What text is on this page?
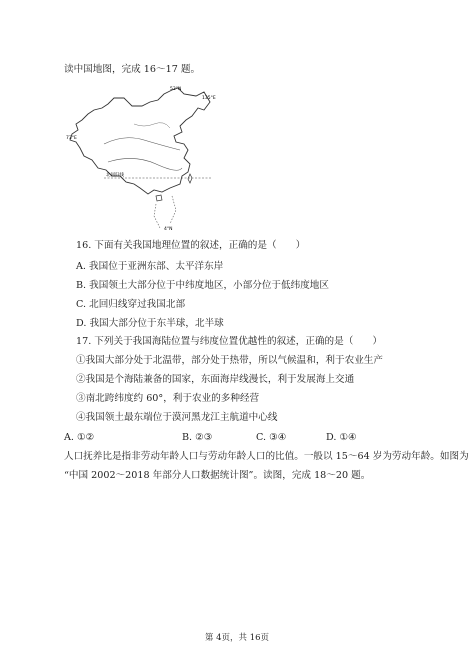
读中国地图，完成 16～17 题。
53°N
135°E
73°E
北回归线
4°N
16. 下面有关我国地理位置的叙述，正确的是（　　）
A. 我国位于亚洲东部、太平洋东岸
B. 我国领土大部分位于中纬度地区，小部分位于低纬度地区
C. 北回归线穿过我国北部
D. 我国大部分位于东半球，北半球
17. 下列关于我国海陆位置与纬度位置优越性的叙述，正确的是（　　）
①我国大部分处于北温带，部分处于热带，所以气候温和，利于农业生产
②我国是个海陆兼备的国家，东面海岸线漫长，利于发展海上交通
③南北跨纬度约 60°，利于农业的多种经营
④我国领土最东端位于漠河黑龙江主航道中心线
A. ①②	B. ②③	C. ③④	D. ①④
人口抚养比是指非劳动年龄人口与劳动年龄人口的比值。一般以 15～64 岁为劳动年龄。如图为
“中国 2002～2018 年部分人口数据统计图”。读图，完成 18～20 题。
第 4页，共 16页
